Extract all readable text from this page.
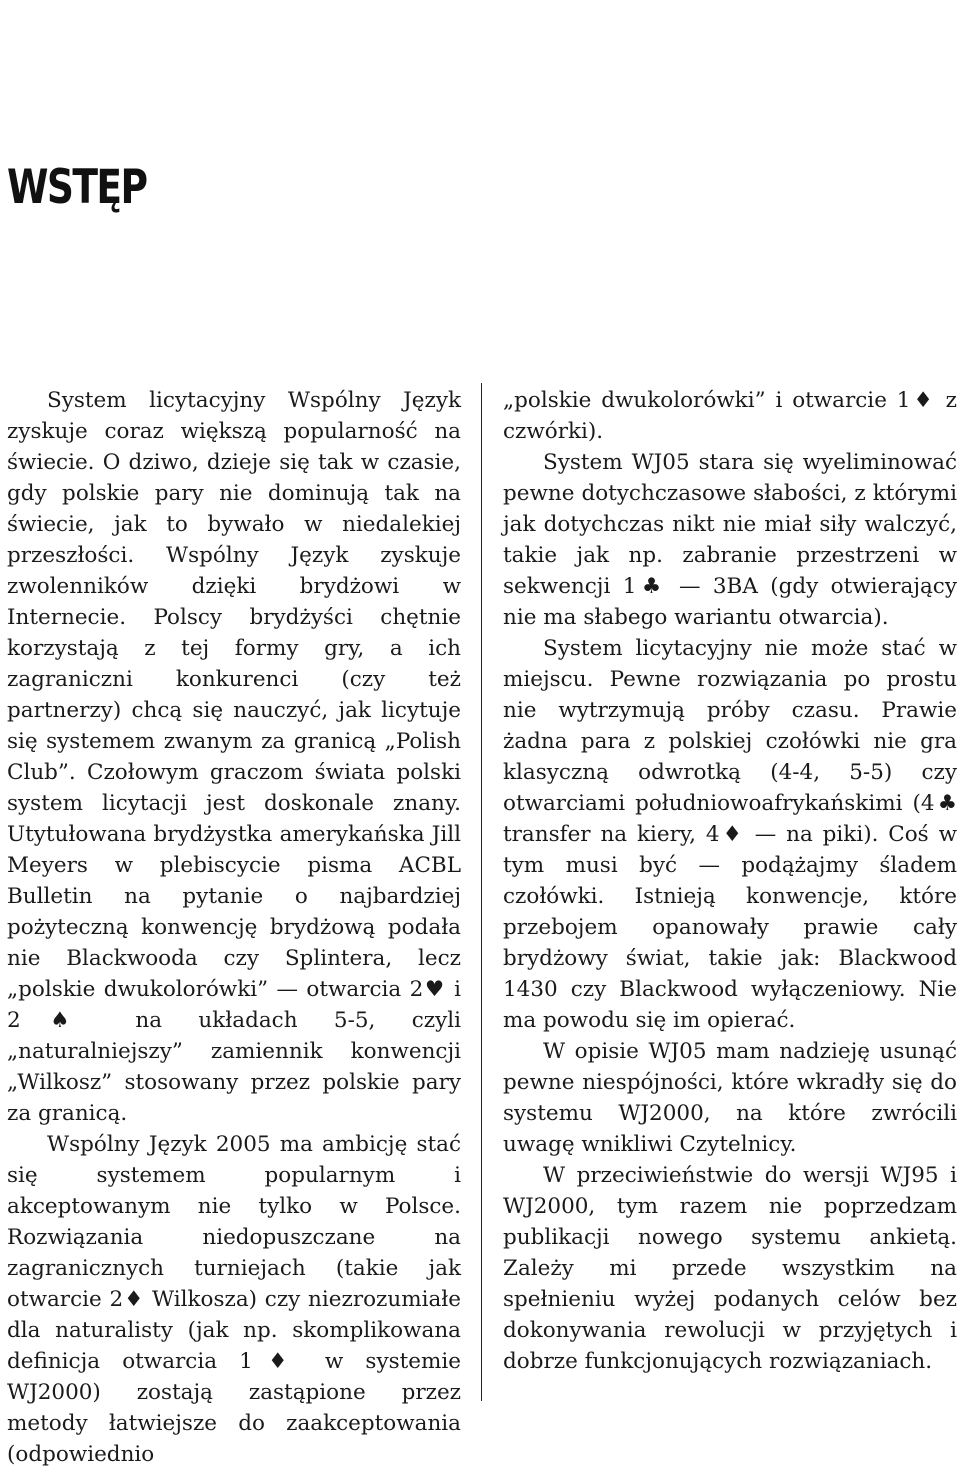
WSTĘP

System licytacyjny Wspólny Język zyskuje coraz większą popularność na świecie. O dziwo, dzieje się tak w czasie, gdy polskie pary nie dominują tak na świecie, jak to bywało w niedalekiej przeszłości. Wspólny Język zyskuje zwolenników dzięki brydżowi w Internecie. Polscy brydżyści chętnie korzystają z tej formy gry, a ich zagraniczni konkurenci (czy też partnerzy) chcą się nauczyć, jak licytuje się systemem zwanym za granicą „Polish Club”. Czołowym graczom świata polski system licytacji jest doskonale znany. Utytułowana brydżystka amerykańska Jill Meyers w plebiscycie pisma ACBL Bulletin na pytanie o najbardziej pożyteczną konwencję brydżową podała nie Blackwooda czy Splintera, lecz „polskie dwukolorówki” — otwarcia 2♥ i 2♠ na układach 5-5, czyli „naturalniejszy” zamiennik konwencji „Wilkosz” stosowany przez polskie pary za granicą.

Wspólny Język 2005 ma ambicję stać się systemem popularnym i akceptowanym nie tylko w Polsce. Rozwiązania niedopuszczane na zagranicznych turniejach (takie jak otwarcie 2♦ Wilkosza) czy niezrozumiałe dla naturalisty (jak np. skomplikowana definicja otwarcia 1♦ w systemie WJ2000) zostają zastąpione przez metody łatwiejsze do zaakceptowania (odpowiednio

„polskie dwukolorówki” i otwarcie 1♦ z czwórki).

System WJ05 stara się wyeliminować pewne dotychczasowe słabości, z którymi jak dotychczas nikt nie miał siły walczyć, takie jak np. zabranie przestrzeni w sekwencji 1♣ — 3BA (gdy otwierający nie ma słabego wariantu otwarcia).

System licytacyjny nie może stać w miejscu. Pewne rozwiązania po prostu nie wytrzymują próby czasu. Prawie żadna para z polskiej czołówki nie gra klasyczną odwrotką (4-4, 5-5) czy otwarciami południowoafrykańskimi (4♣ transfer na kiery, 4♦ — na piki). Coś w tym musi być — podążajmy śladem czołówki. Istnieją konwencje, które przebojem opanowały prawie cały brydżowy świat, takie jak: Blackwood 1430 czy Blackwood wyłączeniowy. Nie ma powodu się im opierać.

W opisie WJ05 mam nadzieję usunąć pewne niespójności, które wkradły się do systemu WJ2000, na które zwrócili uwagę wnikliwi Czytelnicy.

W przeciwieństwie do wersji WJ95 i WJ2000, tym razem nie poprzedzam publikacji nowego systemu ankietą. Zależy mi przede wszystkim na spełnieniu wyżej podanych celów bez dokonywania rewolucji w przyjętych i dobrze funkcjonujących rozwiązaniach.
